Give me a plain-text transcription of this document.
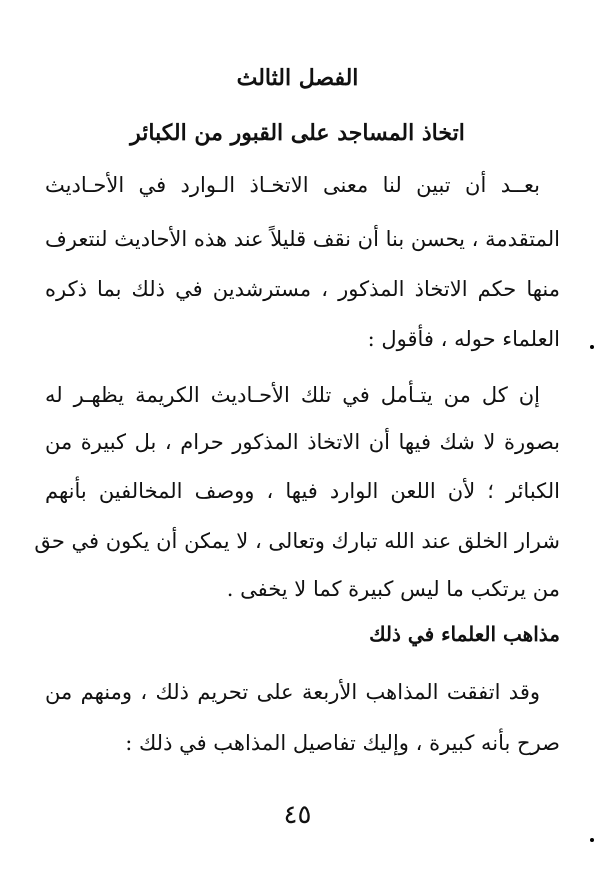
الفصل الثالث
اتخاذ المساجد على القبور من الكبائر
بعــد أن تبين لنا معنى الاتخـاذ الـوارد في الأحـاديث
المتقدمة ، يحسن بنا أن نقف قليلاً عند هذه الأحاديث لنتعرف
منها حكم الاتخاذ المذكور ، مسترشدين في ذلك بما ذكره
العلماء حوله ، فأقول :
إن كل من يتـأمل في تلك الأحـاديث الكريمة يظهـر له
بصورة لا شك فيها أن الاتخاذ المذكور حرام ، بل كبيرة من
الكبائر ؛ لأن اللعن الوارد فيها ، ووصف المخالفين بأنهم
شرار الخلق عند الله تبارك وتعالى ، لا يمكن أن يكون في حق
من يرتكب ما ليس كبيرة كما لا يخفى .
مذاهب العلماء في ذلك
وقد اتفقت المذاهب الأربعة على تحريم ذلك ، ومنهم من
صرح بأنه كبيرة ، وإليك تفاصيل المذاهب في ذلك :
٤٥
